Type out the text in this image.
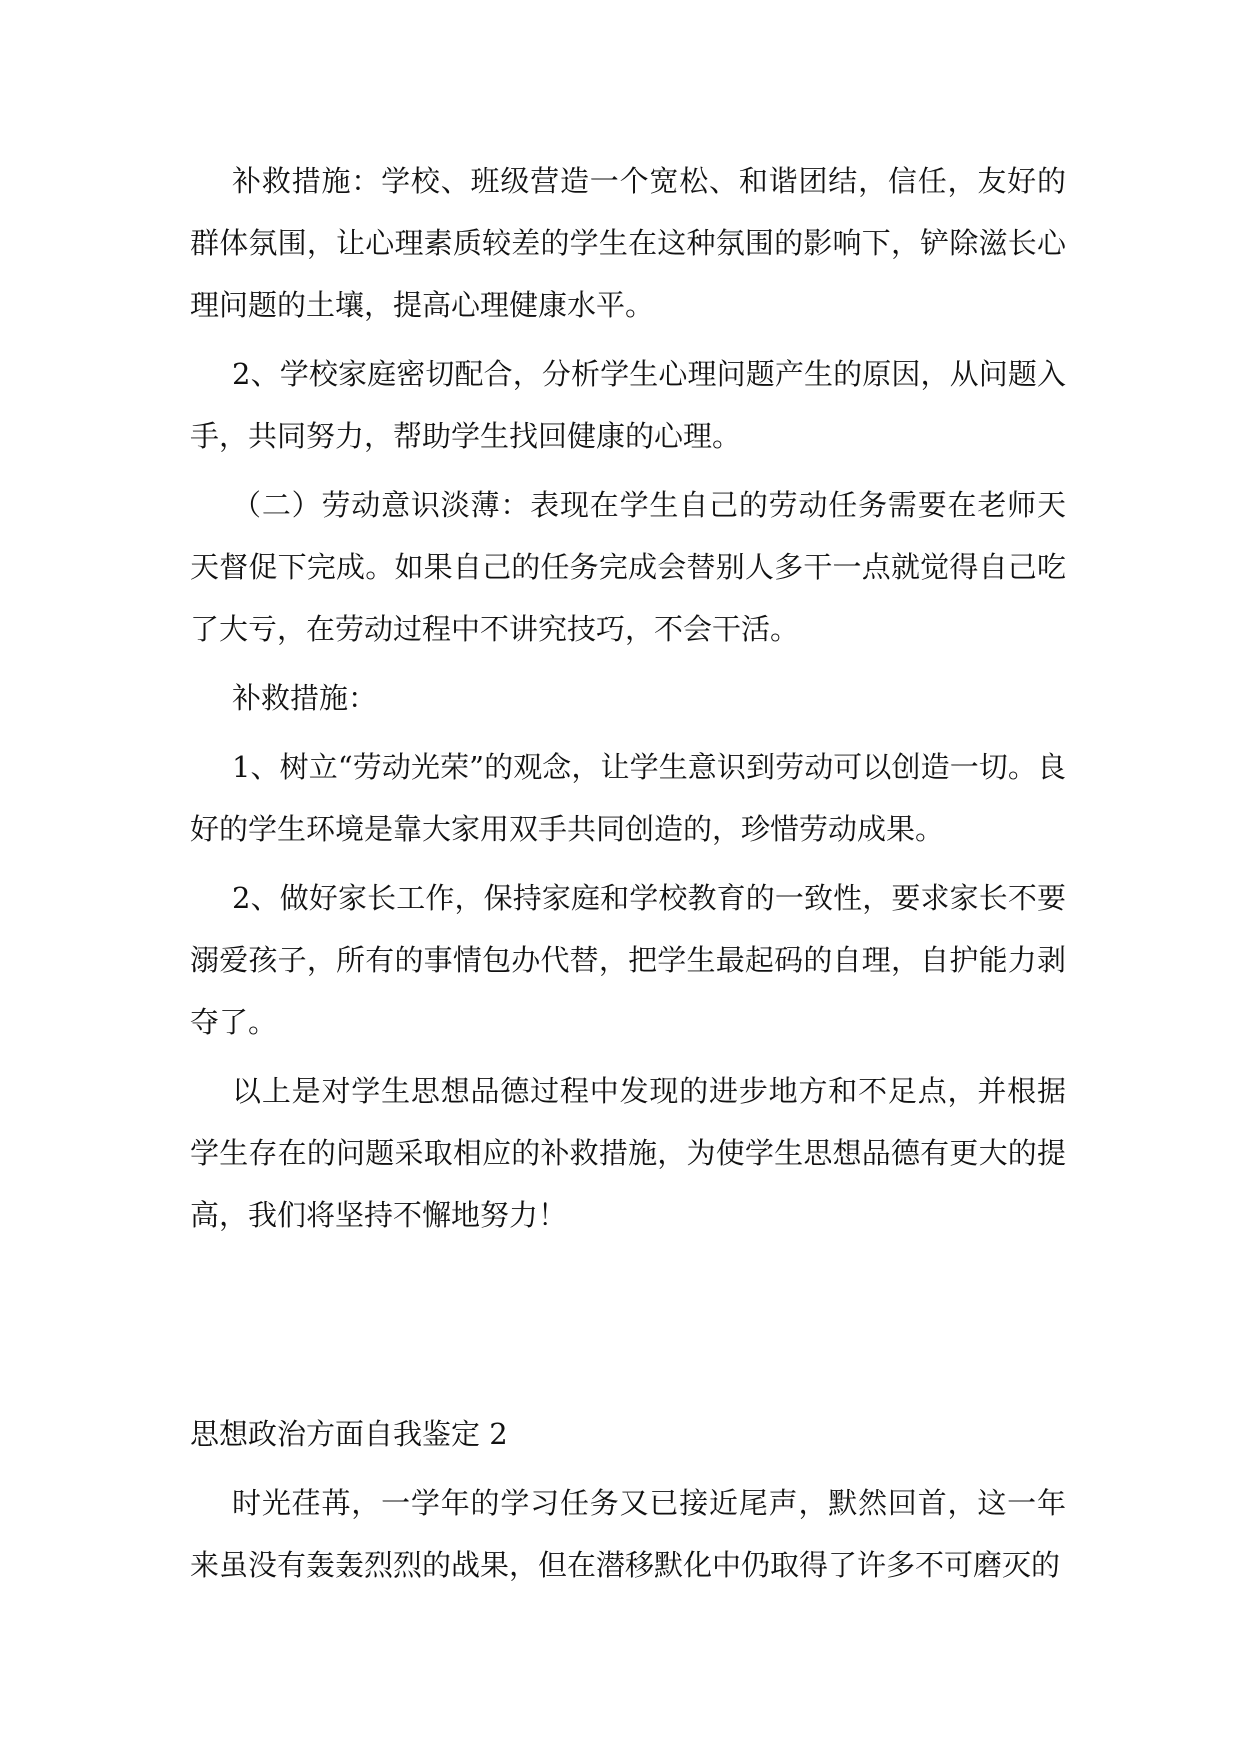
补救措施：学校、班级营造一个宽松、和谐团结，信任，友好的群体氛围，让心理素质较差的学生在这种氛围的影响下，铲除滋长心理问题的土壤，提高心理健康水平。

2、学校家庭密切配合，分析学生心理问题产生的原因，从问题入手，共同努力，帮助学生找回健康的心理。

（二）劳动意识淡薄：表现在学生自己的劳动任务需要在老师天天督促下完成。如果自己的任务完成会替别人多干一点就觉得自己吃了大亏，在劳动过程中不讲究技巧，不会干活。

补救措施：

1、树立“劳动光荣”的观念，让学生意识到劳动可以创造一切。良好的学生环境是靠大家用双手共同创造的，珍惜劳动成果。

2、做好家长工作，保持家庭和学校教育的一致性，要求家长不要溺爱孩子，所有的事情包办代替，把学生最起码的自理，自护能力剥夺了。

以上是对学生思想品德过程中发现的进步地方和不足点，并根据学生存在的问题采取相应的补救措施，为使学生思想品德有更大的提高，我们将坚持不懈地努力！

思想政治方面自我鉴定 2

时光荏苒，一学年的学习任务又已接近尾声，默然回首，这一年来虽没有轰轰烈烈的战果，但在潜移默化中仍取得了许多不可磨灭的
